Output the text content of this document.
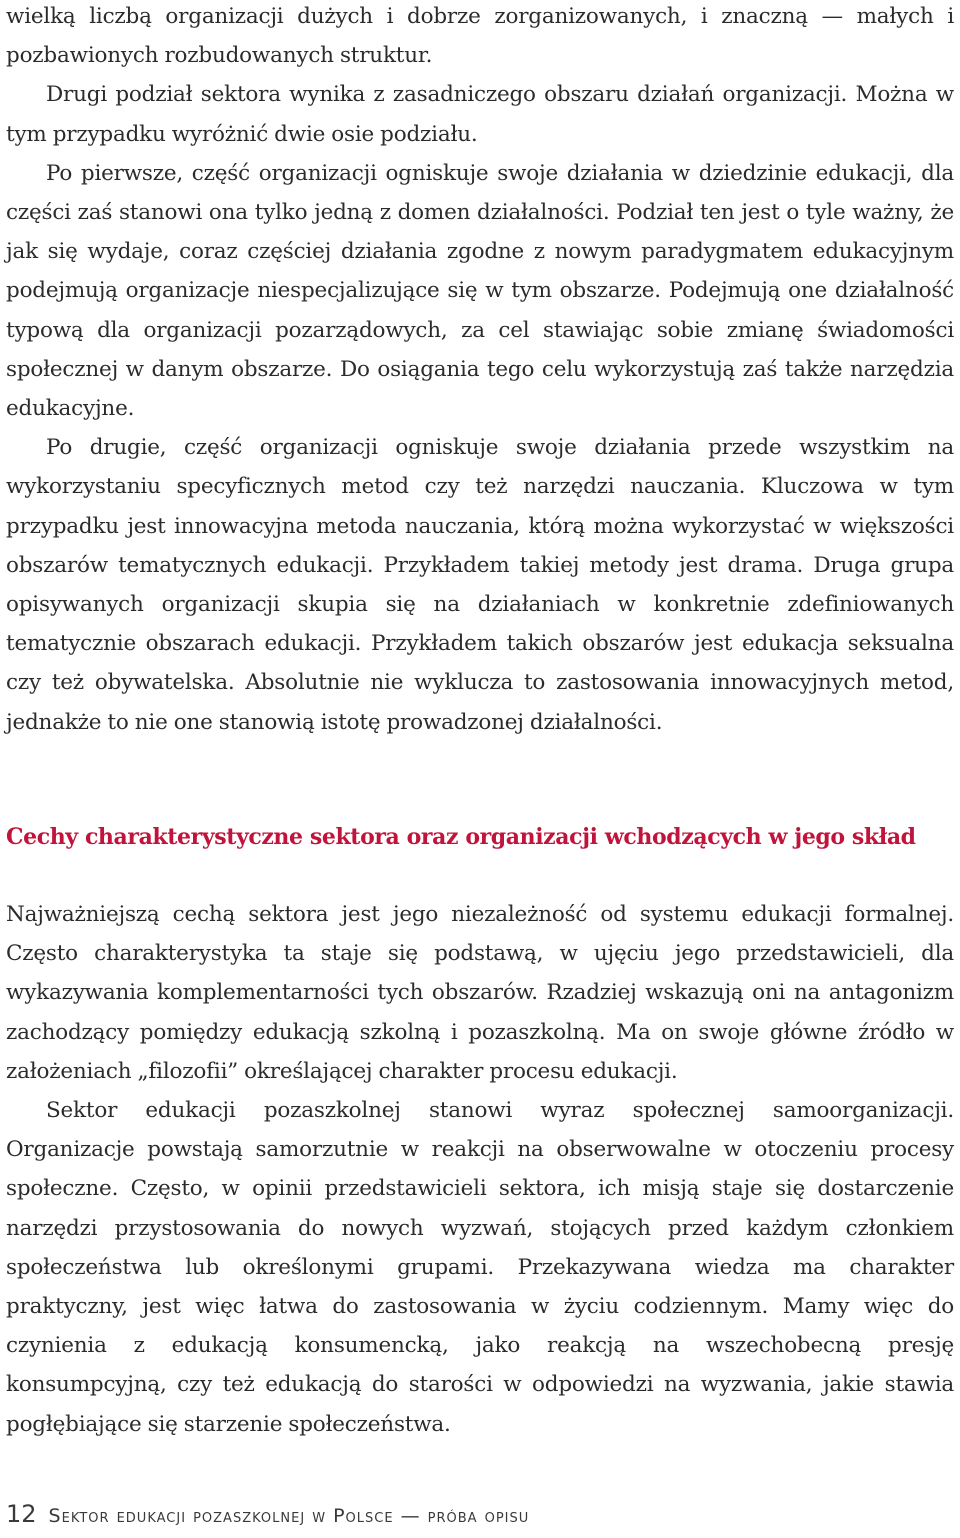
wielką liczbą organizacji dużych i dobrze zorganizowanych, i znaczną — małych i pozbawionych rozbudowanych struktur.

Drugi podział sektora wynika z zasadniczego obszaru działań organizacji. Można w tym przypadku wyróżnić dwie osie podziału.

Po pierwsze, część organizacji ogniskuje swoje działania w dziedzinie edukacji, dla części zaś stanowi ona tylko jedną z domen działalności. Podział ten jest o tyle ważny, że jak się wydaje, coraz częściej działania zgodne z nowym paradygmatem edukacyjnym podejmują organizacje niespecjalizujące się w tym obszarze. Podejmują one działalność typową dla organizacji pozarządowych, za cel stawiając sobie zmianę świadomości społecznej w danym obszarze. Do osiągania tego celu wykorzystują zaś także narzędzia edukacyjne.

Po drugie, część organizacji ogniskuje swoje działania przede wszystkim na wykorzystaniu specyficznych metod czy też narzędzi nauczania. Kluczowa w tym przypadku jest innowacyjna metoda nauczania, którą można wykorzystać w większości obszarów tematycznych edukacji. Przykładem takiej metody jest drama. Druga grupa opisywanych organizacji skupia się na działaniach w konkretnie zdefiniowanych tematycznie obszarach edukacji. Przykładem takich obszarów jest edukacja seksualna czy też obywatelska. Absolutnie nie wyklucza to zastosowania innowacyjnych metod, jednakże to nie one stanowią istotę prowadzonej działalności.

Cechy charakterystyczne sektora oraz organizacji wchodzących w jego skład

Najważniejszą cechą sektora jest jego niezależność od systemu edukacji formalnej. Często charakterystyka ta staje się podstawą, w ujęciu jego przedstawicieli, dla wykazywania komplementarności tych obszarów. Rzadziej wskazują oni na antagonizm zachodzący pomiędzy edukacją szkolną i pozaszkolną. Ma on swoje główne źródło w założeniach „filozofii” określającej charakter procesu edukacji.

Sektor edukacji pozaszkolnej stanowi wyraz społecznej samoorganizacji. Organizacje powstają samorzutnie w reakcji na obserwowalne w otoczeniu procesy społeczne. Często, w opinii przedstawicieli sektora, ich misją staje się dostarczenie narzędzi przystosowania do nowych wyzwań, stojących przed każdym członkiem społeczeństwa lub określonymi grupami. Przekazywana wiedza ma charakter praktyczny, jest więc łatwa do zastosowania w życiu codziennym. Mamy więc do czynienia z edukacją konsumencką, jako reakcją na wszechobecną presję konsumpcyjną, czy też edukacją do starości w odpowiedzi na wyzwania, jakie stawia pogłębiające się starzenie społeczeństwa.

12 Sektor edukacji pozaszkolnej w Polsce — próba opisu
